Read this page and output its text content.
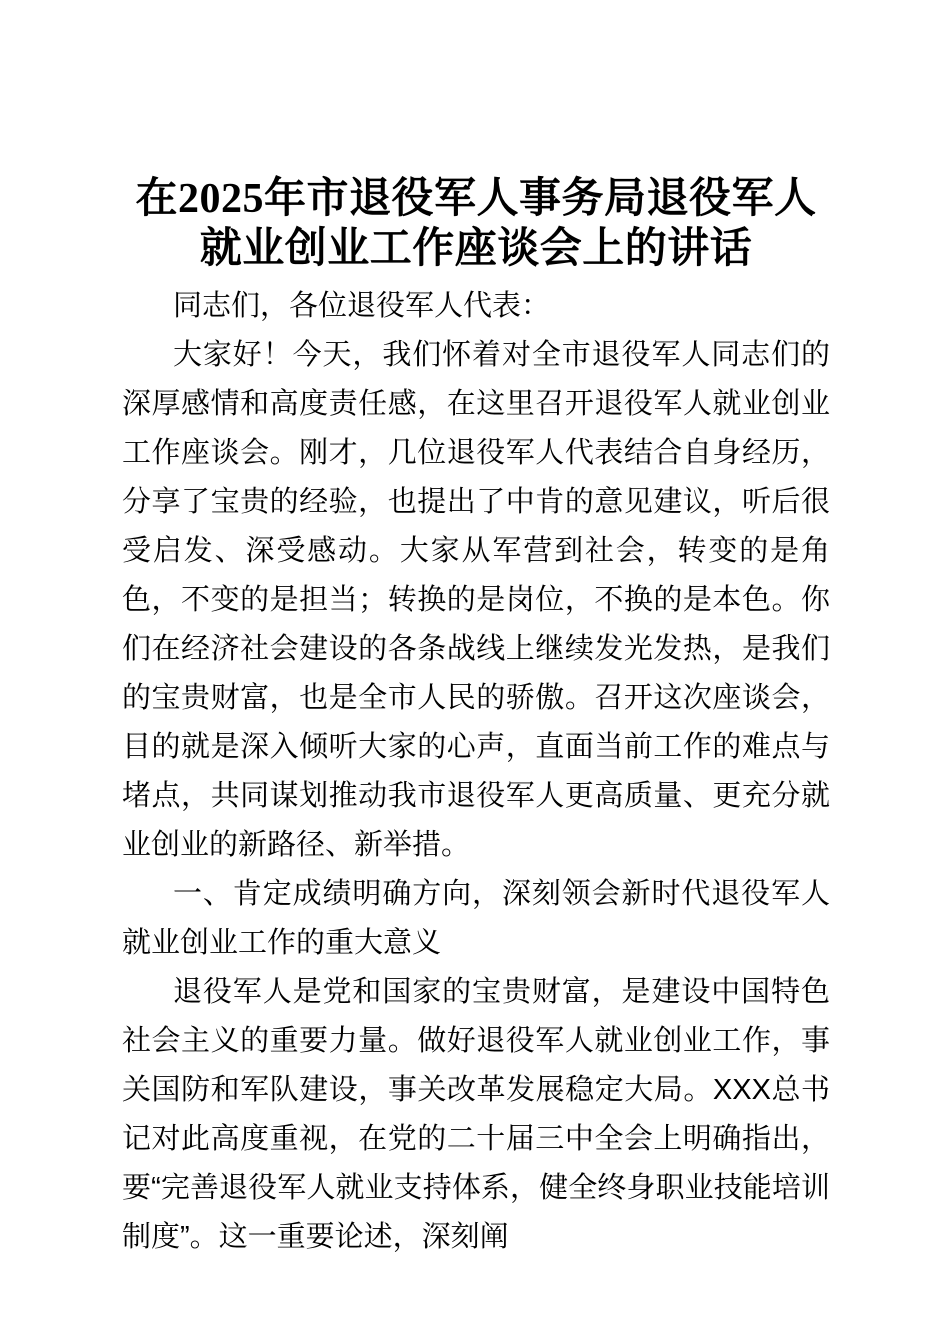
在2025年市退役军人事务局退役军人
就业创业工作座谈会上的讲话

同志们，各位退役军人代表：

大家好！今天，我们怀着对全市退役军人同志们的深厚感情和高度责任感，在这里召开退役军人就业创业工作座谈会。刚才，几位退役军人代表结合自身经历，分享了宝贵的经验，也提出了中肯的意见建议，听后很受启发、深受感动。大家从军营到社会，转变的是角色，不变的是担当；转换的是岗位，不换的是本色。你们在经济社会建设的各条战线上继续发光发热，是我们的宝贵财富，也是全市人民的骄傲。召开这次座谈会，目的就是深入倾听大家的心声，直面当前工作的难点与堵点，共同谋划推动我市退役军人更高质量、更充分就业创业的新路径、新举措。

一、肯定成绩明确方向，深刻领会新时代退役军人就业创业工作的重大意义

退役军人是党和国家的宝贵财富，是建设中国特色社会主义的重要力量。做好退役军人就业创业工作，事关国防和军队建设，事关改革发展稳定大局。XXX总书记对此高度重视，在党的二十届三中全会上明确指出，要“完善退役军人就业支持体系，健全终身职业技能培训制度”。这一重要论述，深刻阐
